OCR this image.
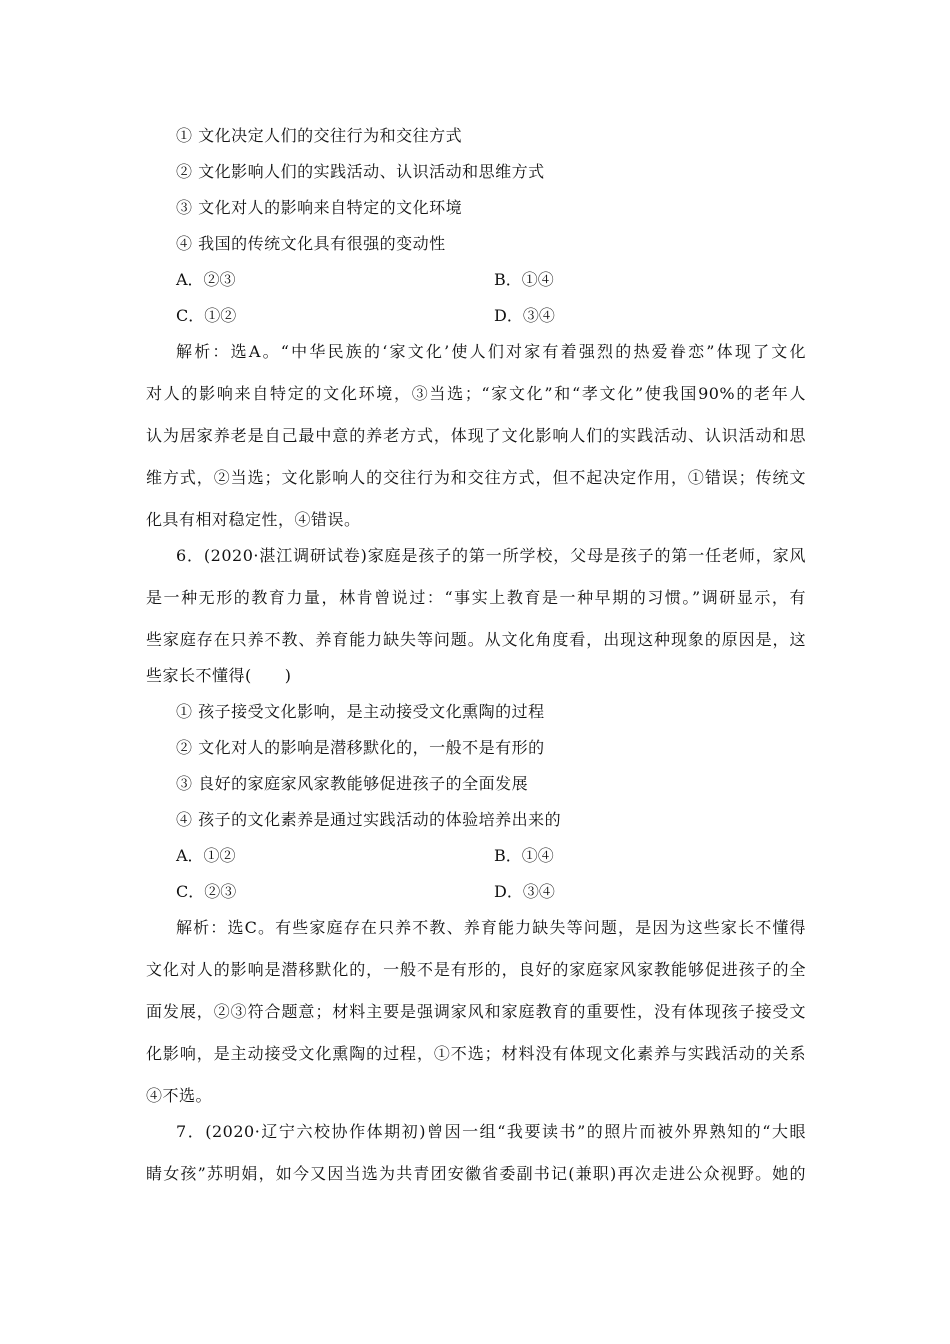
① 文化决定人们的交往行为和交往方式
② 文化影响人们的实践活动、认识活动和思维方式
③ 文化对人的影响来自特定的文化环境
④ 我国的传统文化具有很强的变动性
A．②③	B．①④
C．①②	D．③④
解析：选A。“中华民族的‘家文化’使人们对家有着强烈的热爱眷恋”体现了文化
对人的影响来自特定的文化环境，③当选；“家文化”和“孝文化”使我国90%的老年人
认为居家养老是自己最中意的养老方式，体现了文化影响人们的实践活动、认识活动和思
维方式，②当选；文化影响人的交往行为和交往方式，但不起决定作用，①错误；传统文
化具有相对稳定性，④错误。
6．(2020·湛江调研试卷)家庭是孩子的第一所学校，父母是孩子的第一任老师，家风
是一种无形的教育力量，林肯曾说过：“事实上教育是一种早期的习惯。”调研显示，有
些家庭存在只养不教、养育能力缺失等问题。从文化角度看，出现这种现象的原因是，这
些家长不懂得(　　)
① 孩子接受文化影响，是主动接受文化熏陶的过程
② 文化对人的影响是潜移默化的，一般不是有形的
③ 良好的家庭家风家教能够促进孩子的全面发展
④ 孩子的文化素养是通过实践活动的体验培养出来的
A．①②	B．①④
C．②③	D．③④
解析：选C。有些家庭存在只养不教、养育能力缺失等问题，是因为这些家长不懂得
文化对人的影响是潜移默化的，一般不是有形的，良好的家庭家风家教能够促进孩子的全
面发展，②③符合题意；材料主要是强调家风和家庭教育的重要性，没有体现孩子接受文
化影响，是主动接受文化熏陶的过程，①不选；材料没有体现文化素养与实践活动的关系
④不选。
7．(2020·辽宁六校协作体期初)曾因一组“我要读书”的照片而被外界熟知的“大眼
睛女孩”苏明娟，如今又因当选为共青团安徽省委副书记(兼职)再次走进公众视野。她的
